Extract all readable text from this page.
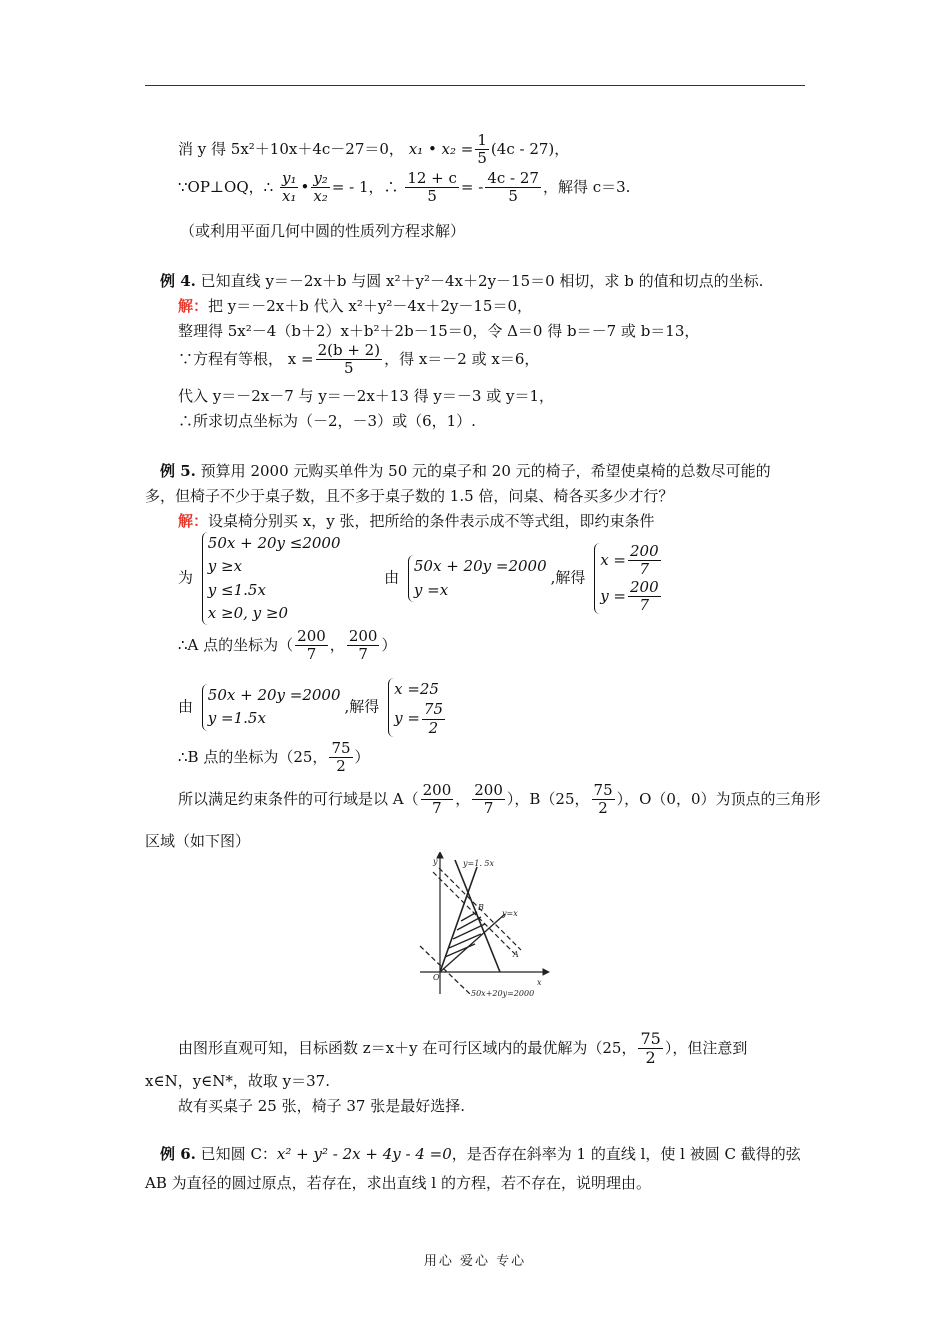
消 y 得 5x²＋10x＋4c－27＝0， x₁ • $x_2 = \frac{1}{5} (4c - 27)$，
∵OP⊥OQ，∴ $\frac{\text{y₁}}{\text{x₁}}$ • $\frac{\text{y₂}}{\text{x₂}}$ = - 1，∴ $\frac{12 + c}{5}$ = - $\frac{4c - 27}{5}$ ，解得 c＝3.
（或利用平面几何中圆的性质列方程求解）
例 4. 已知直线 y＝－2x＋b 与圆 x²＋y²－4x＋2y－15＝0 相切，求 b 的值和切点的坐标.
解：把 y＝－2x＋b 代入 x²＋y²－4x＋2y－15＝0，
整理得 5x²－4（b＋2）x＋b²＋2b－15＝0，令 Δ＝0 得 b＝－7 或 b＝13，
∵方程有等根， $x = \frac{2(b + 2)}{5}$ ，得 x＝－2 或 x＝6，
代入 y＝－2x－7 与 y＝－2x＋13 得 y＝－3 或 y＝1，
∴所求切点坐标为（－2，－3）或（6，1）.
例 5. 预算用 2000 元购买单件为 50 元的桌子和 20 元的椅子，希望使桌椅的总数尽可能的
多，但椅子不少于桌子数，且不多于桌子数的 1.5 倍，问桌、椅各买多少才行？
解：设桌椅分别买 x，y 张，把所给的条件表示成不等式组，即约束条件
为
50x + 20y ≤2000
y ≥x
y ≤1.5x
x ≥0, y ≥0
由
50x + 20y =2000
y =x
,解得
$x = \frac{200}{7}$
$y = \frac{200}{7}$
∴A 点的坐标为（ $\frac{200}{7}$ ， $\frac{200}{7}$ ）
由
50x + 20y =2000
y =1.5x
,解得
x =25
$y = \frac{75}{2}$
∴B 点的坐标为（25， $\frac{75}{2}$ ）
所以满足约束条件的可行域是以 $A( \frac{200}{7}$ ， $\frac{200}{7}$ ），B（25， $\frac{75}{2}$ ），O（0，0）为顶点的三角形
区域（如下图）
y
x
O
y=1. 5x
y=x
B
A
50x+20y=2000
由图形直观可知，目标函数 z＝x＋y 在可行区域内的最优解为（25， $\frac{75}{2}$ ），但注意到
x∈N，y∈N*，故取 y＝37.
故有买桌子 25 张，椅子 37 张是最好选择.
例 6. 已知圆 C：x² + y² - 2x + 4y - 4 =0，是否存在斜率为 1 的直线 l，使 l 被圆 C 截得的弦
AB 为直径的圆过原点，若存在，求出直线 l 的方程，若不存在，说明理由。
用心 爱心 专心
